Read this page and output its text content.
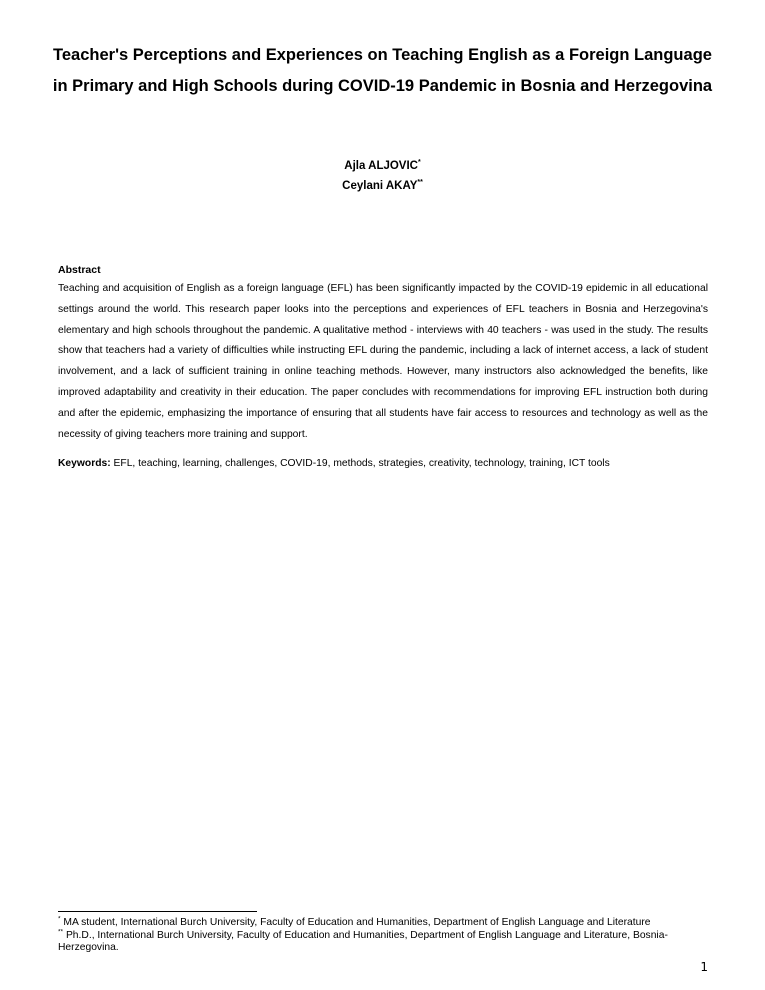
Teacher's Perceptions and Experiences on Teaching English as a Foreign Language in Primary and High Schools during COVID-19 Pandemic in Bosnia and Herzegovina
Ajla ALJOVIC*
Ceylani AKAY**
Abstract

Teaching and acquisition of English as a foreign language (EFL) has been significantly impacted by the COVID-19 epidemic in all educational settings around the world. This research paper looks into the perceptions and experiences of EFL teachers in Bosnia and Herzegovina's elementary and high schools throughout the pandemic. A qualitative method - interviews with 40 teachers - was used in the study. The results show that teachers had a variety of difficulties while instructing EFL during the pandemic, including a lack of internet access, a lack of student involvement, and a lack of sufficient training in online teaching methods. However, many instructors also acknowledged the benefits, like improved adaptability and creativity in their education. The paper concludes with recommendations for improving EFL instruction both during and after the epidemic, emphasizing the importance of ensuring that all students have fair access to resources and technology as well as the necessity of giving teachers more training and support.

Keywords: EFL, teaching, learning, challenges, COVID-19, methods, strategies, creativity, technology, training, ICT tools

* MA student, International Burch University, Faculty of Education and Humanities, Department of English Language and Literature

** Ph.D., International Burch University, Faculty of Education and Humanities, Department of English Language and Literature, Bosnia-Herzegovina.

1
